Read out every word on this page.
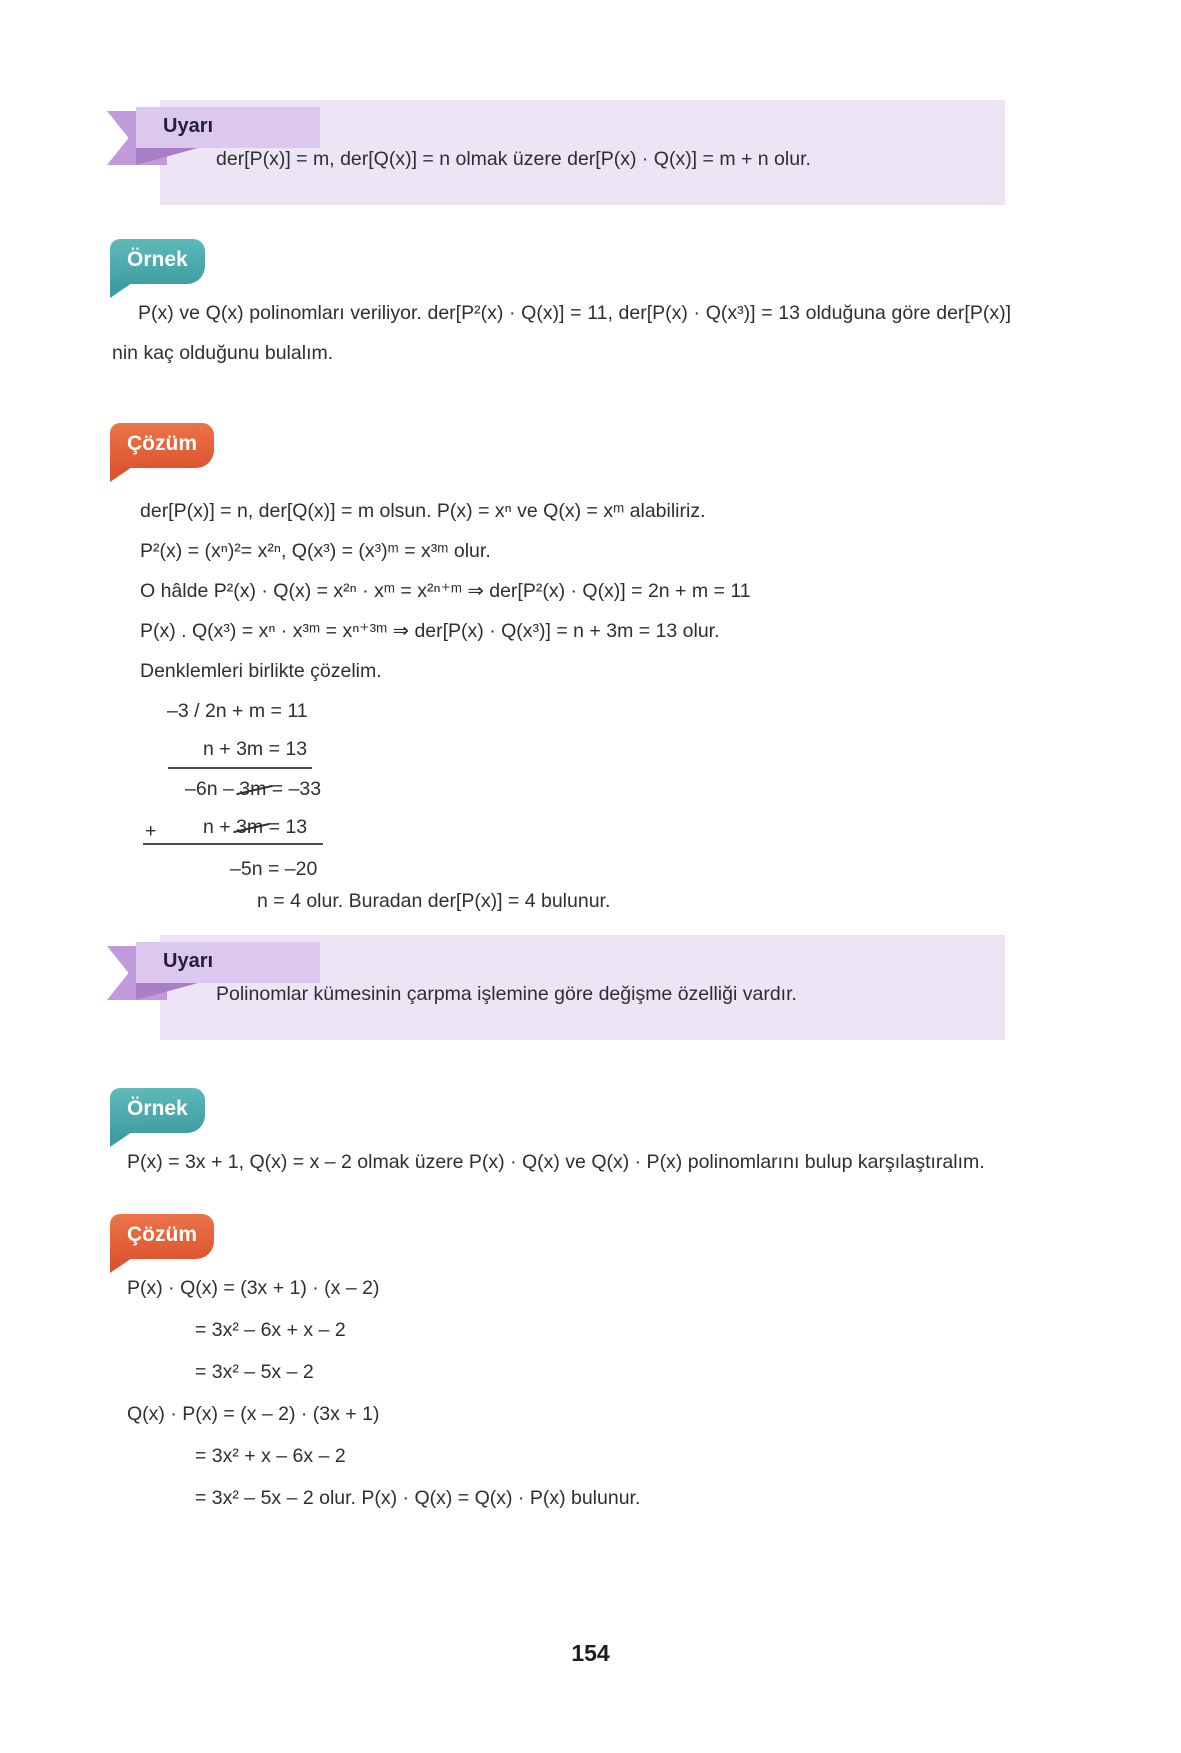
Uyarı

der[P(x)] = m, der[Q(x)] = n olmak üzere der[P(x) · Q(x)] = m + n olur.

Örnek

P(x) ve Q(x) polinomları veriliyor. der[P²(x) · Q(x)] = 11, der[P(x) · Q(x³)] = 13 olduğuna göre der[P(x)] nin kaç olduğunu bulalım.

Çözüm

der[P(x)] = n, der[Q(x)] = m olsun. P(x) = xⁿ ve Q(x) = xᵐ alabiliriz.

P²(x) = (xⁿ)²= x²ⁿ, Q(x³) = (x³)ᵐ = x³ᵐ olur.

O hâlde P²(x) · Q(x) = x²ⁿ · xᵐ = x²ⁿ⁺ᵐ ⇒ der[P²(x) · Q(x)] = 2n + m = 11

P(x) . Q(x³) = xⁿ · x³ᵐ = xⁿ⁺³ᵐ ⇒ der[P(x) · Q(x³)] = n + 3m = 13 olur.

Denklemleri birlikte çözelim.

–3 / 2n + m = 11

n + 3m = 13

–6n – 3m = –33

+ n + 3m = 13

–5n = –20

n = 4 olur. Buradan der[P(x)] = 4 bulunur.

Uyarı

Polinomlar kümesinin çarpma işlemine göre değişme özelliği vardır.

Örnek

P(x) = 3x + 1, Q(x) = x – 2 olmak üzere P(x) · Q(x) ve Q(x) · P(x) polinomlarını bulup karşılaştıralım.

Çözüm

P(x) · Q(x) = (3x + 1) · (x – 2)

= 3x² – 6x + x – 2

= 3x² – 5x – 2

Q(x) · P(x) = (x – 2) · (3x + 1)

= 3x² + x – 6x – 2

= 3x² – 5x – 2 olur. P(x) · Q(x) = Q(x) · P(x) bulunur.

154
